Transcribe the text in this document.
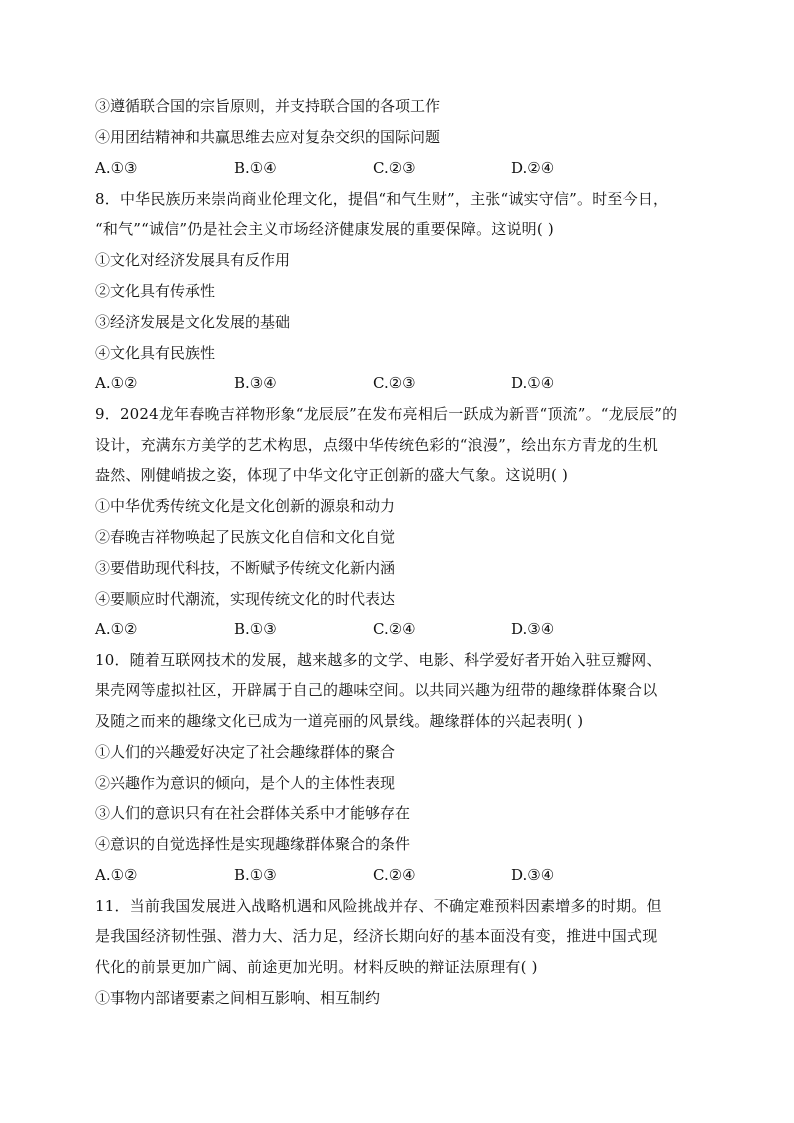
③遵循联合国的宗旨原则，并支持联合国的各项工作
④用团结精神和共赢思维去应对复杂交织的国际问题
A.①③	B.①④	C.②③	D.②④
8．中华民族历来崇尚商业伦理文化，提倡“和气生财”，主张“诚实守信”。时至今日，
“和气”“诚信”仍是社会主义市场经济健康发展的重要保障。这说明( )
①文化对经济发展具有反作用
②文化具有传承性
③经济发展是文化发展的基础
④文化具有民族性
A.①②	B.③④	C.②③	D.①④
9．2024龙年春晚吉祥物形象“龙辰辰”在发布亮相后一跃成为新晋“顶流”。“龙辰辰”的
设计，充满东方美学的艺术构思，点缀中华传统色彩的“浪漫”，绘出东方青龙的生机
盎然、刚健峭拔之姿，体现了中华文化守正创新的盛大气象。这说明( )
①中华优秀传统文化是文化创新的源泉和动力
②春晚吉祥物唤起了民族文化自信和文化自觉
③要借助现代科技，不断赋予传统文化新内涵
④要顺应时代潮流，实现传统文化的时代表达
A.①②	B.①③	C.②④	D.③④
10．随着互联网技术的发展，越来越多的文学、电影、科学爱好者开始入驻豆瓣网、
果壳网等虚拟社区，开辟属于自己的趣味空间。以共同兴趣为纽带的趣缘群体聚合以
及随之而来的趣缘文化已成为一道亮丽的风景线。趣缘群体的兴起表明( )
①人们的兴趣爱好决定了社会趣缘群体的聚合
②兴趣作为意识的倾向，是个人的主体性表现
③人们的意识只有在社会群体关系中才能够存在
④意识的自觉选择性是实现趣缘群体聚合的条件
A.①②	B.①③	C.②④	D.③④
11．当前我国发展进入战略机遇和风险挑战并存、不确定难预料因素增多的时期。但
是我国经济韧性强、潜力大、活力足，经济长期向好的基本面没有变，推进中国式现
代化的前景更加广阔、前途更加光明。材料反映的辩证法原理有( )
①事物内部诸要素之间相互影响、相互制约
